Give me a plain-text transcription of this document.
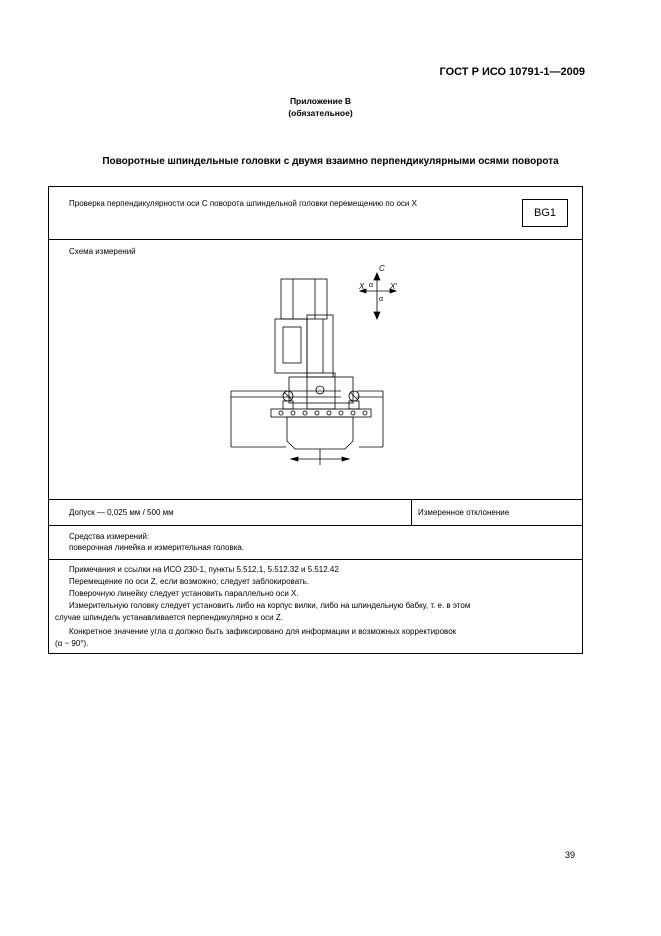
ГОСТ Р ИСО 10791-1—2009
Приложение В
(обязательное)
Поворотные шпиндельные головки с двумя взаимно перпендикулярными осями поворота
Проверка перпендикулярности оси C поворота шпиндельной головки перемещению по оси X
BG1
Схема измерений
C
X	X'
α
α
Допуск — 0,025 мм / 500 мм	Измеренное отклонение
Средства измерений:
поверочная линейка и измерительная головка.
Примечания и ссылки на ИСО 230-1, пункты 5.512.1, 5.512.32 и 5.512.42
Перемещение по оси Z, если возможно, следует заблокировать.
Поверочную линейку следует установить параллельно оси X.
Измерительную головку следует установить либо на корпус вилки, либо на шпиндельную бабку, т. е. в этом
случае шпиндель устанавливается перпендикулярно к оси Z.
Конкретное значение угла α должно быть зафиксировано для информации и возможных корректировок
(α ~ 90°).
39
